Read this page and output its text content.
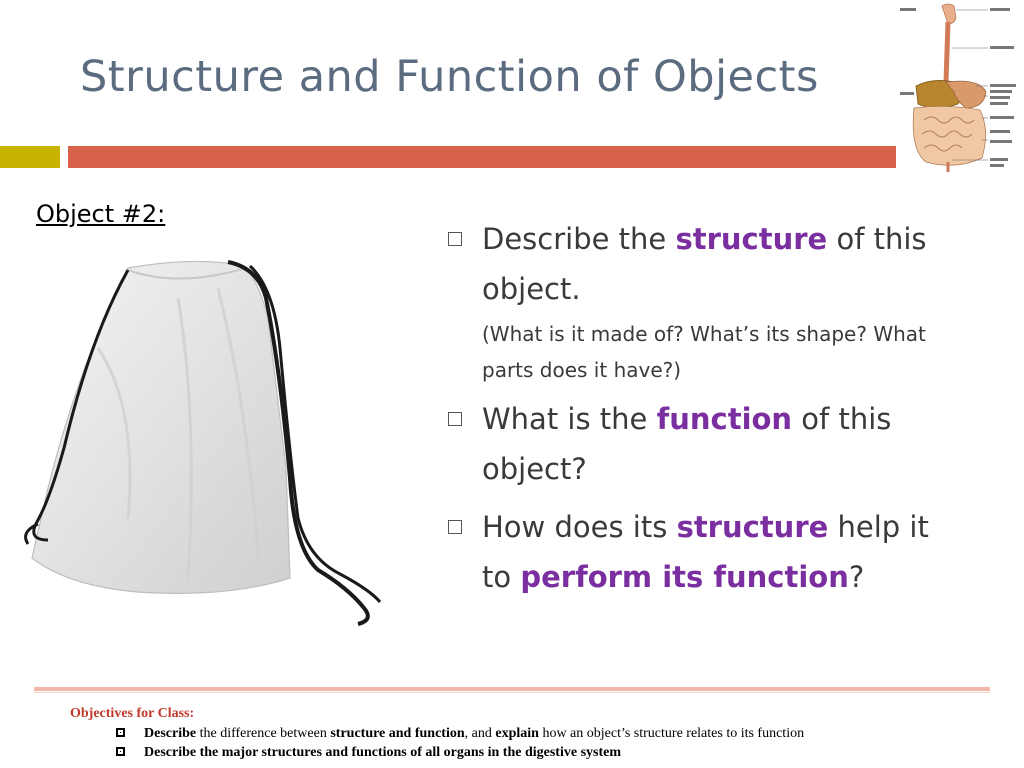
Structure and Function of Objects
Object #2:
Describe the structure of this object.
(What is it made of? What’s its shape? What parts does it have?)
What is the function of this object?
How does its structure help it to perform its function?
Objectives for Class:
Describe the difference between structure and function, and explain how an object’s structure relates to its function
Describe the major structures and functions of all organs in the digestive system
